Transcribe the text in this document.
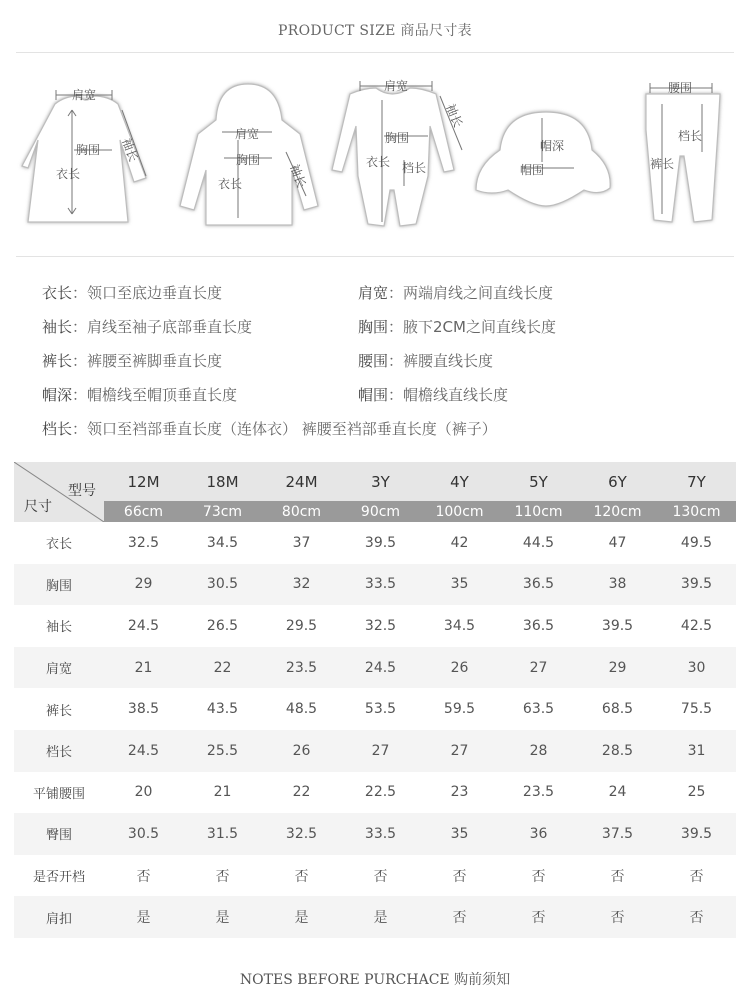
PRODUCT SIZE 商品尺寸表
肩宽
胸围
衣长
袖长
肩宽
胸围
衣长	袖长
肩宽
胸围
衣长 档长
袖长
帽深
帽围
腰围
档长
裤长
衣长：领口至底边垂直长度	肩宽：两端肩线之间直线长度
袖长：肩线至袖子底部垂直长度	胸围：腋下2CM之间直线长度
裤长：裤腰至裤脚垂直长度	腰围：裤腰直线长度
帽深：帽檐线至帽顶垂直长度	帽围：帽檐线直线长度
档长：领口至裆部垂直长度（连体衣） 裤腰至裆部垂直长度（裤子）
型号
尺寸	12M	18M	24M	3Y	4Y	5Y	6Y	7Y
	66cm	73cm	80cm	90cm	100cm	110cm	120cm	130cm
衣长	32.5	34.5	37	39.5	42	44.5	47	49.5
胸围	29	30.5	32	33.5	35	36.5	38	39.5
袖长	24.5	26.5	29.5	32.5	34.5	36.5	39.5	42.5
肩宽	21	22	23.5	24.5	26	27	29	30
裤长	38.5	43.5	48.5	53.5	59.5	63.5	68.5	75.5
档长	24.5	25.5	26	27	27	28	28.5	31
平铺腰围	20	21	22	22.5	23	23.5	24	25
臀围	30.5	31.5	32.5	33.5	35	36	37.5	39.5
是否开档	否	否	否	否	否	否	否	否
肩扣	是	是	是	是	否	否	否	否
NOTES BEFORE PURCHACE 购前须知
